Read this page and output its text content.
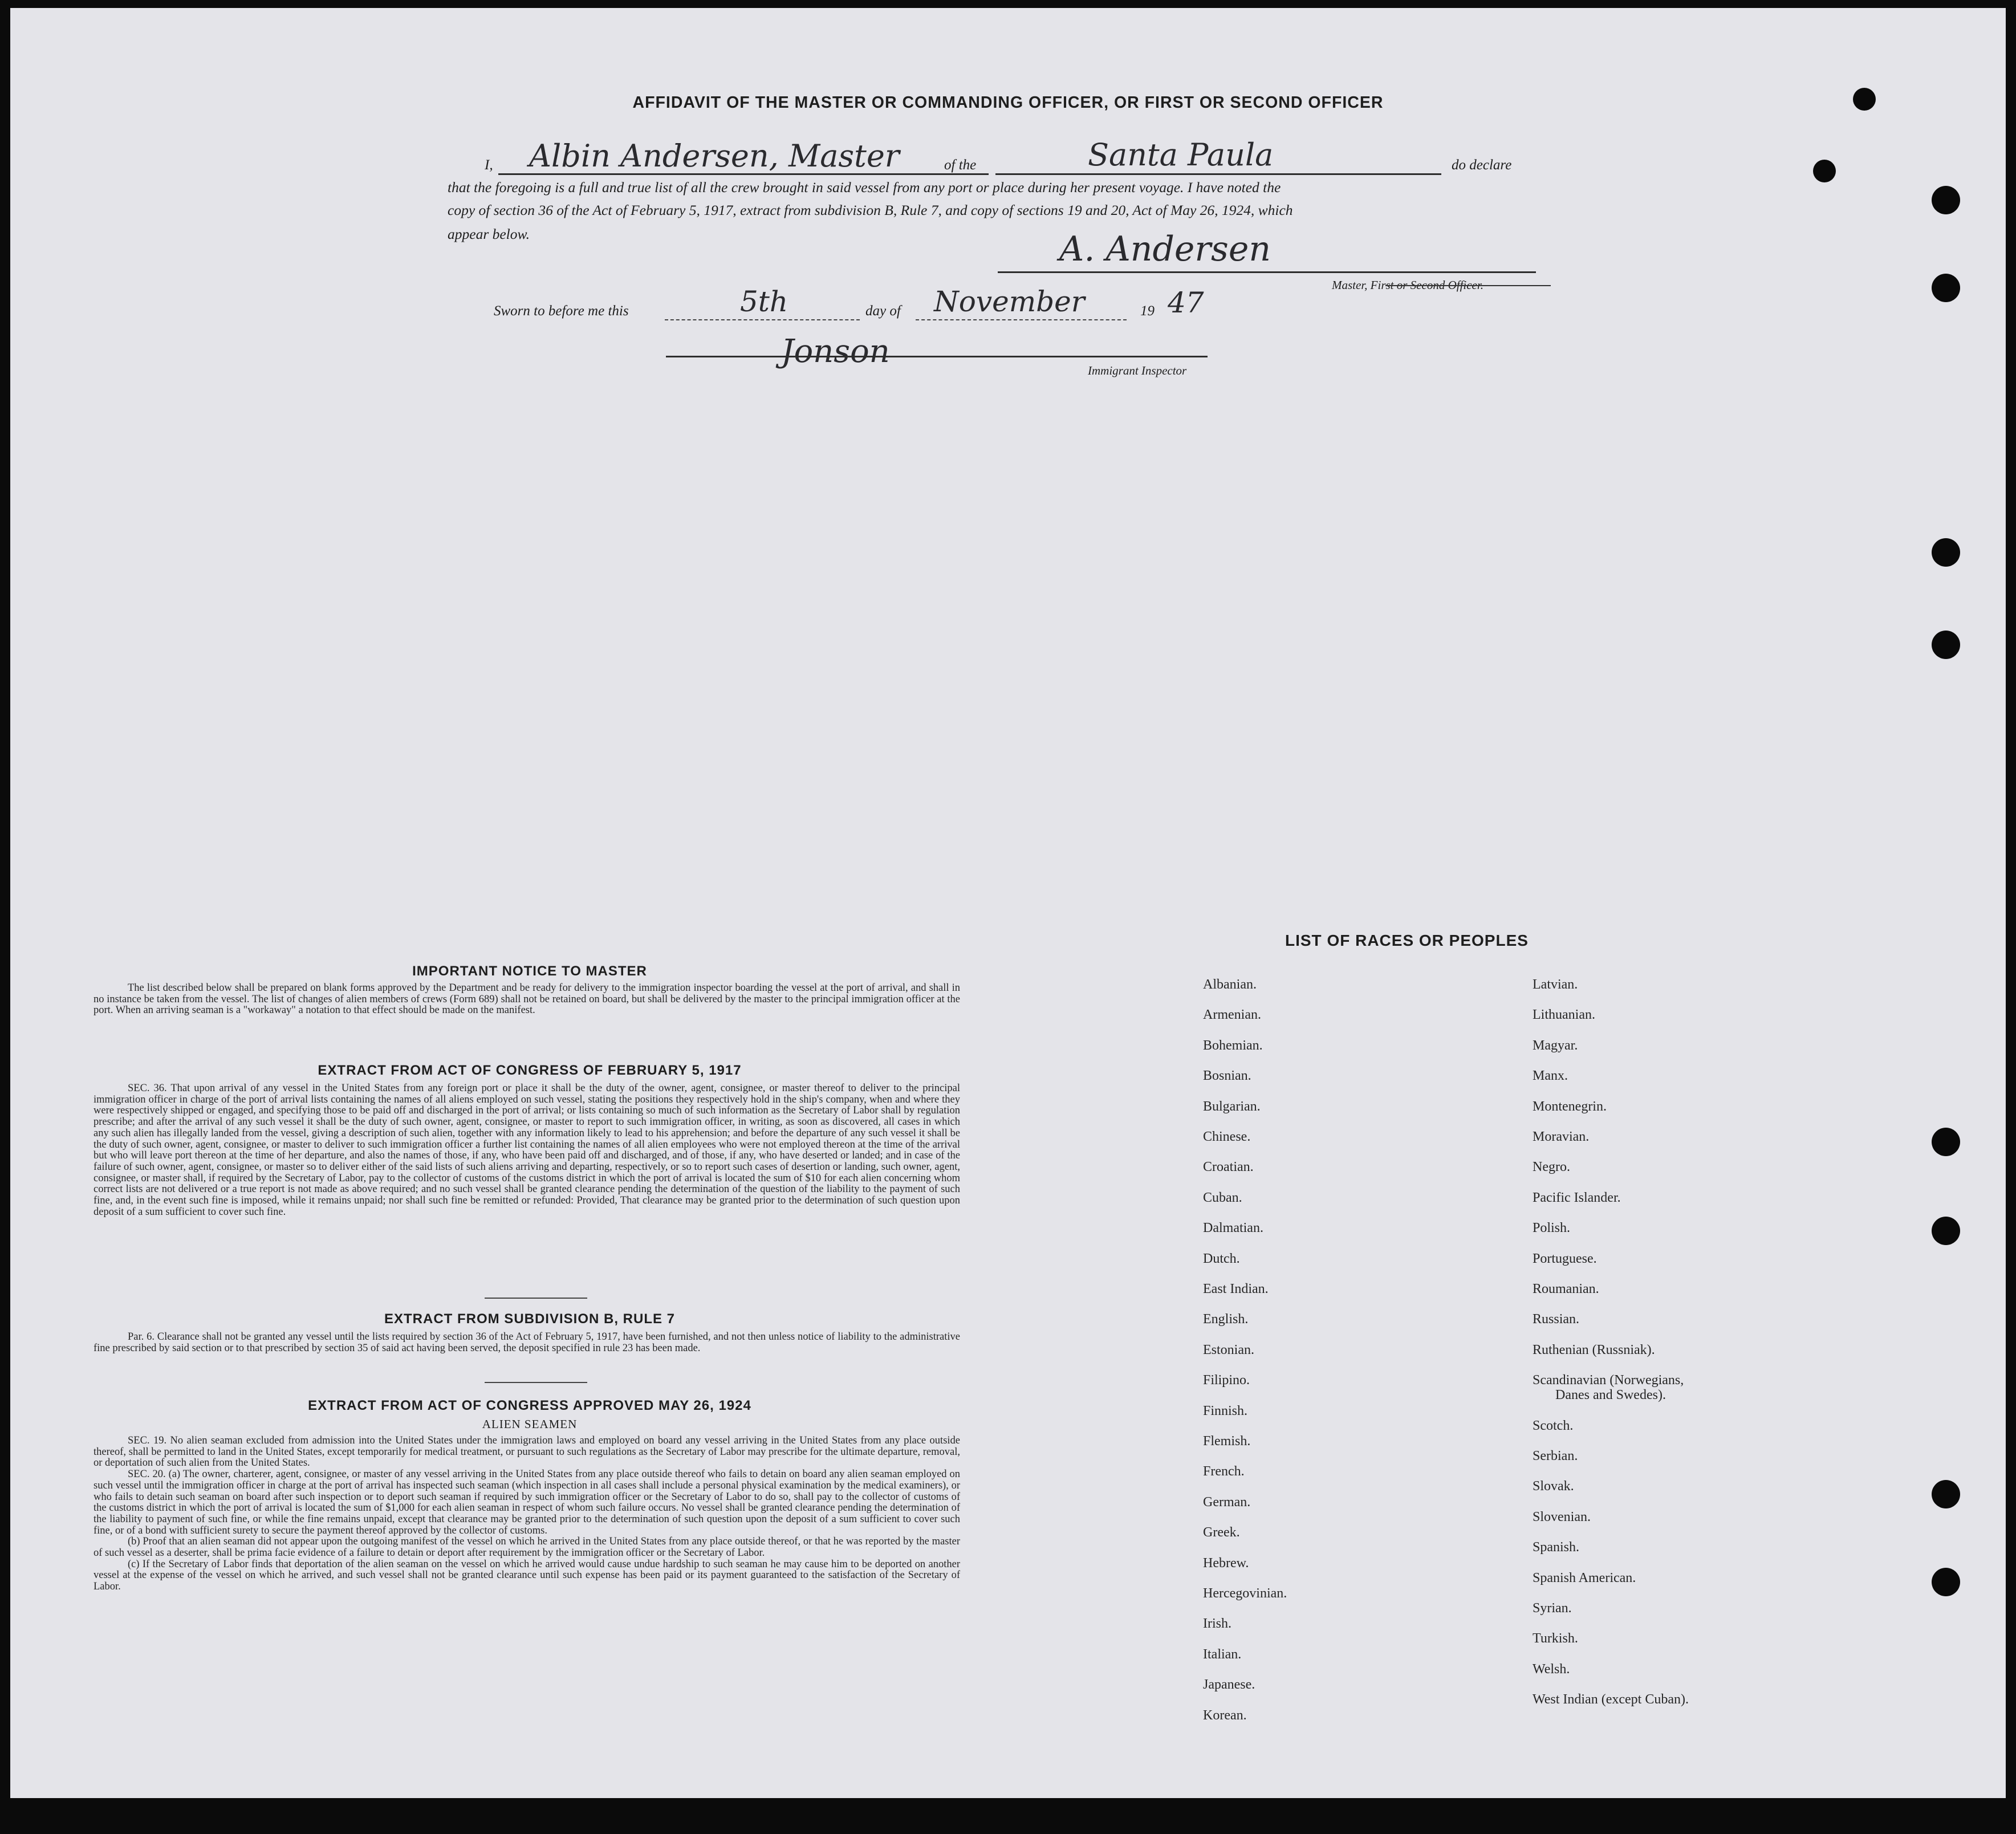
AFFIDAVIT OF THE MASTER OR COMMANDING OFFICER, OR FIRST OR SECOND OFFICER
I, Albin Andersen, Master	of the	Santa Paula	do declare
that the foregoing is a full and true list of all the crew brought in said vessel from any port or place during her present voyage. I have noted the
copy of section 36 of the Act of February 5, 1917, extract from subdivision B, Rule 7, and copy of sections 19 and 20, Act of May 26, 1924, which
appear below.	A. Andersen
Master, First or Second Officer.
Sworn to before me this	5th	day of November	19 47
Jonson
Immigrant Inspector
IMPORTANT NOTICE TO MASTER

The list described below shall be prepared on blank forms approved by the Department and be ready for delivery to the immigration inspector boarding the vessel at the port of arrival, and shall in no instance be taken from the vessel. The list of changes of alien members of crews (Form 689) shall not be retained on board, but shall be delivered by the master to the principal immigration officer at the port. When an arriving seaman is a "workaway" a notation to that effect should be made on the manifest.

EXTRACT FROM ACT OF CONGRESS OF FEBRUARY 5, 1917

SEC. 36. That upon arrival of any vessel in the United States from any foreign port or place it shall be the duty of the owner, agent, consignee, or master thereof to deliver to the principal immigration officer in charge of the port of arrival lists containing the names of all aliens employed on such vessel, stating the positions they respectively hold in the ship's company, when and where they were respectively shipped or engaged, and specifying those to be paid off and discharged in the port of arrival; or lists containing so much of such information as the Secretary of Labor shall by regulation prescribe; and after the arrival of any such vessel it shall be the duty of such owner, agent, consignee, or master to report to such immigration officer, in writing, as soon as discovered, all cases in which any such alien has illegally landed from the vessel, giving a description of such alien, together with any information likely to lead to his apprehension; and before the departure of any such vessel it shall be the duty of such owner, agent, consignee, or master to deliver to such immigration officer a further list containing the names of all alien employees who were not employed thereon at the time of the arrival but who will leave port thereon at the time of her departure, and also the names of those, if any, who have been paid off and discharged, and of those, if any, who have deserted or landed; and in case of the failure of such owner, agent, consignee, or master so to deliver either of the said lists of such aliens arriving and departing, respectively, or so to report such cases of desertion or landing, such owner, agent, consignee, or master shall, if required by the Secretary of Labor, pay to the collector of customs of the customs district in which the port of arrival is located the sum of $10 for each alien concerning whom correct lists are not delivered or a true report is not made as above required; and no such vessel shall be granted clearance pending the determination of the question of the liability to the payment of such fine, and, in the event such fine is imposed, while it remains unpaid; nor shall such fine be remitted or refunded: Provided, That clearance may be granted prior to the determination of such question upon deposit of a sum sufficient to cover such fine.

EXTRACT FROM SUBDIVISION B, RULE 7

Par. 6. Clearance shall not be granted any vessel until the lists required by section 36 of the Act of February 5, 1917, have been furnished, and not then unless notice of liability to the administrative fine prescribed by said section or to that prescribed by section 35 of said act having been served, the deposit specified in rule 23 has been made.

EXTRACT FROM ACT OF CONGRESS APPROVED MAY 26, 1924
ALIEN SEAMEN

SEC. 19. No alien seaman excluded from admission into the United States under the immigration laws and employed on board any vessel arriving in the United States from any place outside thereof, shall be permitted to land in the United States, except temporarily for medical treatment, or pursuant to such regulations as the Secretary of Labor may prescribe for the ultimate departure, removal, or deportation of such alien from the United States.

SEC. 20. (a) The owner, charterer, agent, consignee, or master of any vessel arriving in the United States from any place outside thereof who fails to detain on board any alien seaman employed on such vessel until the immigration officer in charge at the port of arrival has inspected such seaman (which inspection in all cases shall include a personal physical examination by the medical examiners), or who fails to detain such seaman on board after such inspection or to deport such seaman if required by such immigration officer or the Secretary of Labor to do so, shall pay to the collector of customs of the customs district in which the port of arrival is located the sum of $1,000 for each alien seaman in respect of whom such failure occurs. No vessel shall be granted clearance pending the determination of the liability to payment of such fine, or while the fine remains unpaid, except that clearance may be granted prior to the determination of such question upon the deposit of a sum sufficient to cover such fine, or of a bond with sufficient surety to secure the payment thereof approved by the collector of customs.

(b) Proof that an alien seaman did not appear upon the outgoing manifest of the vessel on which he arrived in the United States from any place outside thereof, or that he was reported by the master of such vessel as a deserter, shall be prima facie evidence of a failure to detain or deport after requirement by the immigration officer or the Secretary of Labor.

(c) If the Secretary of Labor finds that deportation of the alien seaman on the vessel on which he arrived would cause undue hardship to such seaman he may cause him to be deported on another vessel at the expense of the vessel on which he arrived, and such vessel shall not be granted clearance until such expense has been paid or its payment guaranteed to the satisfaction of the Secretary of Labor.

LIST OF RACES OR PEOPLES
Albanian.
Armenian.
Bohemian.
Bosnian.
Bulgarian.
Chinese.
Croatian.
Cuban.
Dalmatian.
Dutch.
East Indian.
English.
Estonian.
Filipino.
Finnish.
Flemish.
French.
German.
Greek.
Hebrew.
Hercegovinian.
Irish.
Italian.
Japanese.
Korean.
Latvian.
Lithuanian.
Magyar.
Manx.
Montenegrin.
Moravian.
Negro.
Pacific Islander.
Polish.
Portuguese.
Roumanian.
Russian.
Ruthenian (Russniak).
Scandinavian (Norwegians,
Danes and Swedes).
Scotch.
Serbian.
Slovak.
Slovenian.
Spanish.
Spanish American.
Syrian.
Turkish.
Welsh.
West Indian (except Cuban).
